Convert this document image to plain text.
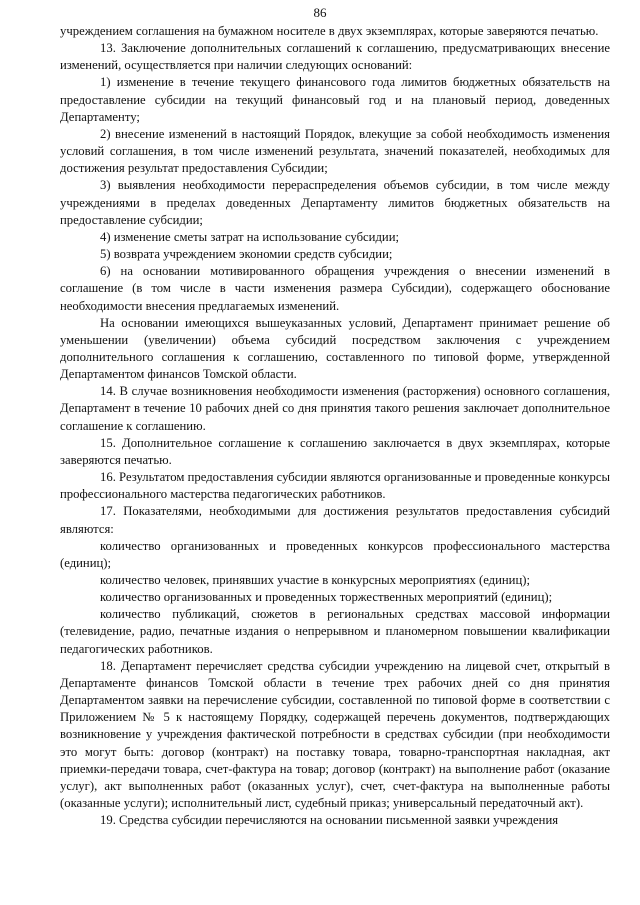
86

учреждением соглашения на бумажном носителе в двух экземплярах, которые заверяются печатью.

13. Заключение дополнительных соглашений к соглашению, предусматривающих внесение изменений, осуществляется при наличии следующих оснований:

1) изменение в течение текущего финансового года лимитов бюджетных обязательств на предоставление субсидии на текущий финансовый год и на плановый период, доведенных Департаменту;

2) внесение изменений в настоящий Порядок, влекущие за собой необходимость изменения условий соглашения, в том числе изменений результата, значений показателей, необходимых для достижения результат предоставления Субсидии;

3) выявления необходимости перераспределения объемов субсидии, в том числе между учреждениями в пределах доведенных Департаменту лимитов бюджетных обязательств на предоставление субсидии;

4) изменение сметы затрат на использование субсидии;

5) возврата учреждением экономии средств субсидии;

6) на основании мотивированного обращения учреждения о внесении изменений в соглашение (в том числе в части изменения размера Субсидии), содержащего обоснование необходимости внесения предлагаемых изменений.

На основании имеющихся вышеуказанных условий, Департамент принимает решение об уменьшении (увеличении) объема субсидий посредством заключения с учреждением дополнительного соглашения к соглашению, составленного по типовой форме, утвержденной Департаментом финансов Томской области.

14. В случае возникновения необходимости изменения (расторжения) основного соглашения, Департамент в течение 10 рабочих дней со дня принятия такого решения заключает дополнительное соглашение к соглашению.

15. Дополнительное соглашение к соглашению заключается в двух экземплярах, которые заверяются печатью.

16. Результатом предоставления субсидии являются организованные и проведенные конкурсы профессионального мастерства педагогических работников.

17. Показателями, необходимыми для достижения результатов предоставления субсидий являются:

количество организованных и проведенных конкурсов профессионального мастерства (единиц);

количество человек, принявших участие в конкурсных мероприятиях (единиц);

количество организованных и проведенных торжественных мероприятий (единиц);

количество публикаций, сюжетов в региональных средствах массовой информации (телевидение, радио, печатные издания о непрерывном и планомерном повышении квалификации педагогических работников.

18. Департамент перечисляет средства субсидии учреждению на лицевой счет, открытый в Департаменте финансов Томской области в течение трех рабочих дней со дня принятия Департаментом заявки на перечисление субсидии, составленной по типовой форме в соответствии с Приложением № 5 к настоящему Порядку, содержащей перечень документов, подтверждающих возникновение у учреждения фактической потребности в средствах субсидии (при необходимости это могут быть: договор (контракт) на поставку товара, товарно-транспортная накладная, акт приемки-передачи товара, счет-фактура на товар; договор (контракт) на выполнение работ (оказание услуг), акт выполненных работ (оказанных услуг), счет, счет-фактура на выполненные работы (оказанные услуги); исполнительный лист, судебный приказ; универсальный передаточный акт).

19. Средства субсидии перечисляются на основании письменной заявки учреждения
